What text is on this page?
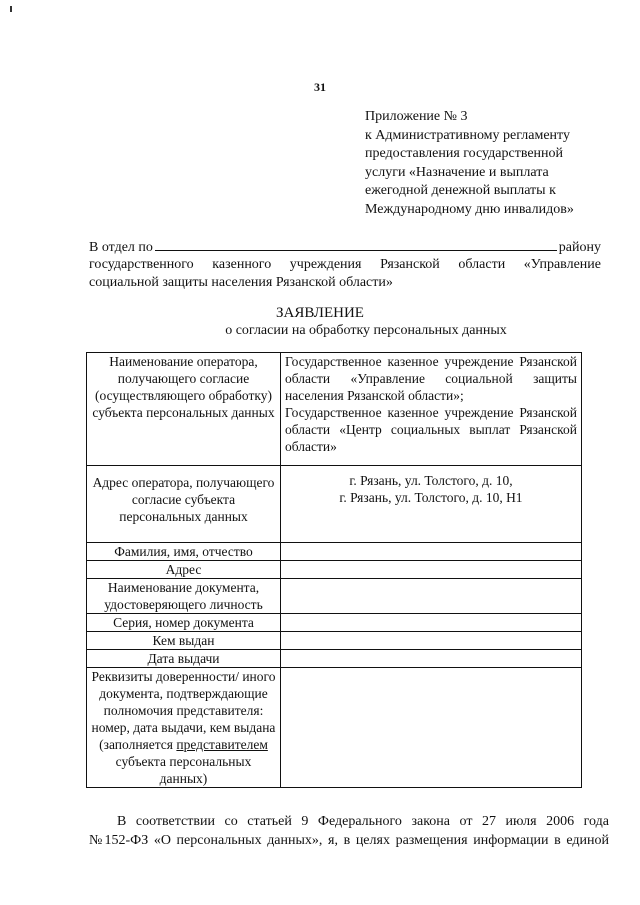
31
Приложение № 3
к Административному регламенту
предоставления государственной
услуги «Назначение и выплата
ежегодной денежной выплаты к
Международному дню инвалидов»
В отдел по	району
государственного казенного учреждения Рязанской области «Управление
социальной защиты населения Рязанской области»
ЗАЯВЛЕНИЕ
о согласии на обработку персональных данных
Наименование оператора, получающего согласие (осуществляющего обработку) субъекта персональных данных	Государственное казенное учреждение Рязанской области «Управление социальной защиты населения Рязанской области»;
Государственное казенное учреждение Рязанской области «Центр социальных выплат Рязанской области»

Адрес оператора, получающего согласие субъекта персональных данных	г. Рязань, ул. Толстого, д. 10,
г. Рязань, ул. Толстого, д. 10, Н1

Фамилия, имя, отчество	
Адрес	
Наименование документа, удостоверяющего личность	
Серия, номер документа	
Кем выдан	
Дата выдачи	
Реквизиты доверенности/ иного документа, подтверждающие полномочия представителя: номер, дата выдачи, кем выдана (заполняется представителем субъекта персональных данных)	
В соответствии со статьей 9 Федерального закона от 27 июля 2006 года
№152-ФЗ «О персональных данных», я, в целях размещения информации в единой
